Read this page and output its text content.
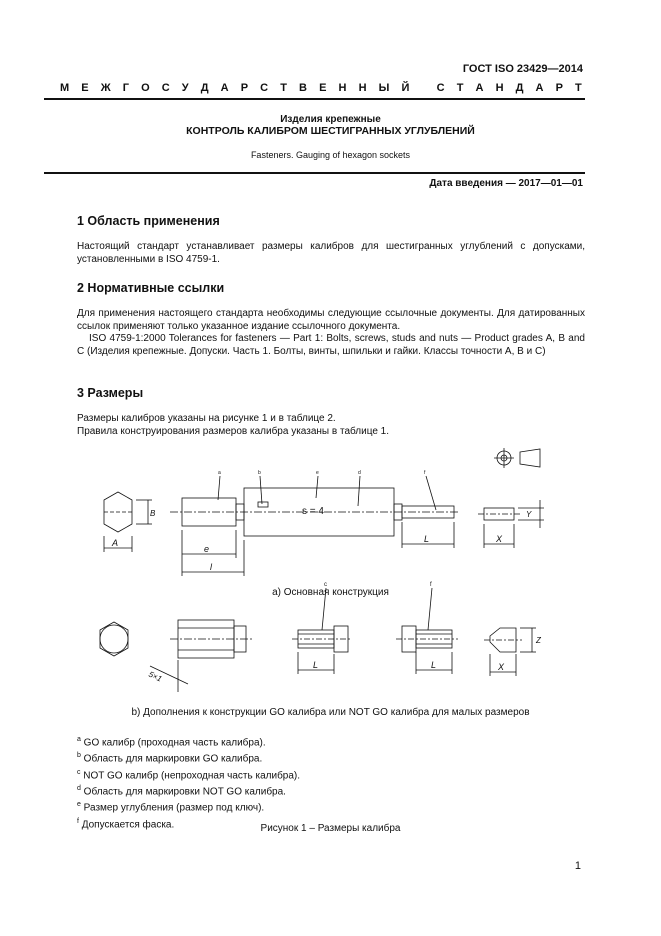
ГОСТ ISO 23429—2014
М Е Ж Г О С У Д А Р С Т В Е Н Н Ы Й
С Т А Н Д А Р Т
Изделия крепежные
КОНТРОЛЬ КАЛИБРОМ ШЕСТИГРАННЫХ УГЛУБЛЕНИЙ
Fasteners. Gauging of hexagon sockets
Дата введения — 2017—01—01
1 Область применения

Настоящий стандарт устанавливает размеры калибров для шестигранных углублений с допусками, установленными в ISO 4759-1.

2 Нормативные ссылки

Для применения настоящего стандарта необходимы следующие ссылочные документы. Для датированных ссылок применяют только указанное издание ссылочного документа.

ISO 4759-1:2000 Tolerances for fasteners — Part 1: Bolts, screws, studs and nuts — Product grades A, B and C (Изделия крепежные. Допуски. Часть 1. Болты, винты, шпильки и гайки. Классы точности A, B и C)

3 Размеры

Размеры калибров указаны на рисунке 1 и в таблице 2.

Правила конструирования размеров калибра указаны в таблице 1.

A
B	s = 4
a	b	e	d	f
e
l
L	X
Y
5×1
c	f
L	L	X
Z
а) Основная конструкция
b) Дополнения к конструкции GO калибра или NOT GO калибра для малых размеров
$^a$ GO калибр (проходная часть калибра).
$^b$ Область для маркировки GO калибра.
$^c$ NOT GO калибр (непроходная часть калибра).
$^d$ Область для маркировки NOT GO калибра.
$^e$ Размер углубления (размер под ключ).
$^f$ Допускается фаска.	Рисунок 1 – Размеры калибра
1
